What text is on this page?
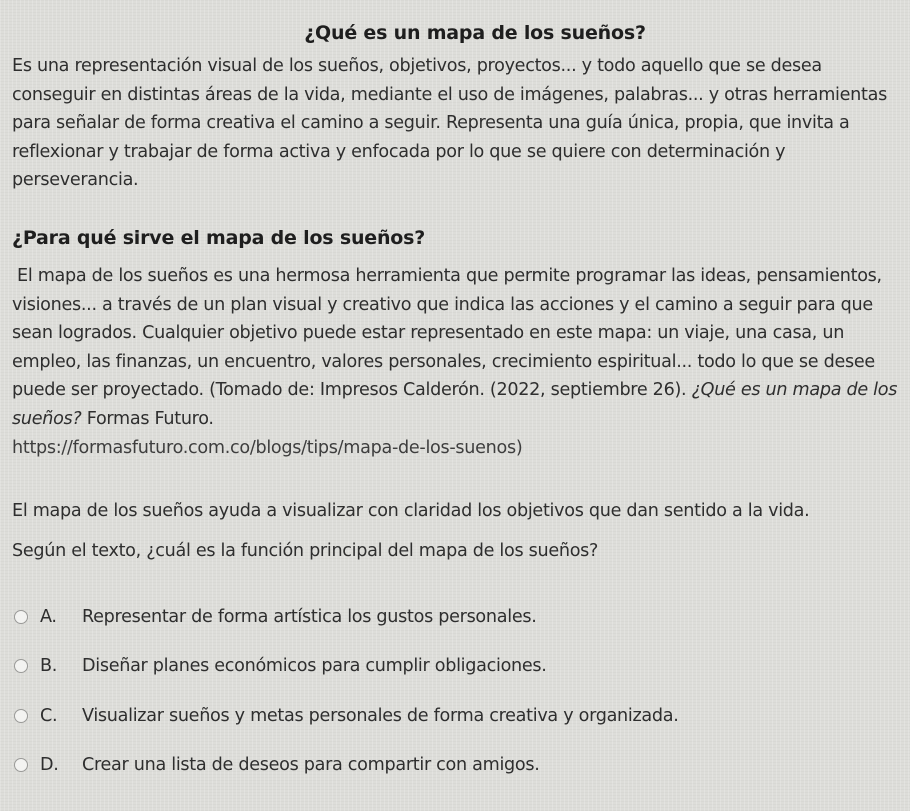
¿Qué es un mapa de los sueños?
Es una representación visual de los sueños, objetivos, proyectos... y todo aquello que se desea conseguir en distintas áreas de la vida, mediante el uso de imágenes, palabras... y otras herramientas para señalar de forma creativa el camino a seguir. Representa una guía única, propia, que invita a reflexionar y trabajar de forma activa y enfocada por lo que se quiere con determinación y perseverancia.
¿Para qué sirve el mapa de los sueños?
El mapa de los sueños es una hermosa herramienta que permite programar las ideas, pensamientos, visiones... a través de un plan visual y creativo que indica las acciones y el camino a seguir para que sean logrados. Cualquier objetivo puede estar representado en este mapa: un viaje, una casa, un empleo, las finanzas, un encuentro, valores personales, crecimiento espiritual... todo lo que se desee puede ser proyectado. (Tomado de: Impresos Calderón. (2022, septiembre 26). ¿Qué es un mapa de los sueños? Formas Futuro.
https://formasfuturo.com.co/blogs/tips/mapa-de-los-suenos)
El mapa de los sueños ayuda a visualizar con claridad los objetivos que dan sentido a la vida.
Según el texto, ¿cuál es la función principal del mapa de los sueños?
A.	Representar de forma artística los gustos personales.
B.	Diseñar planes económicos para cumplir obligaciones.
C.	Visualizar sueños y metas personales de forma creativa y organizada.
D.	Crear una lista de deseos para compartir con amigos.
